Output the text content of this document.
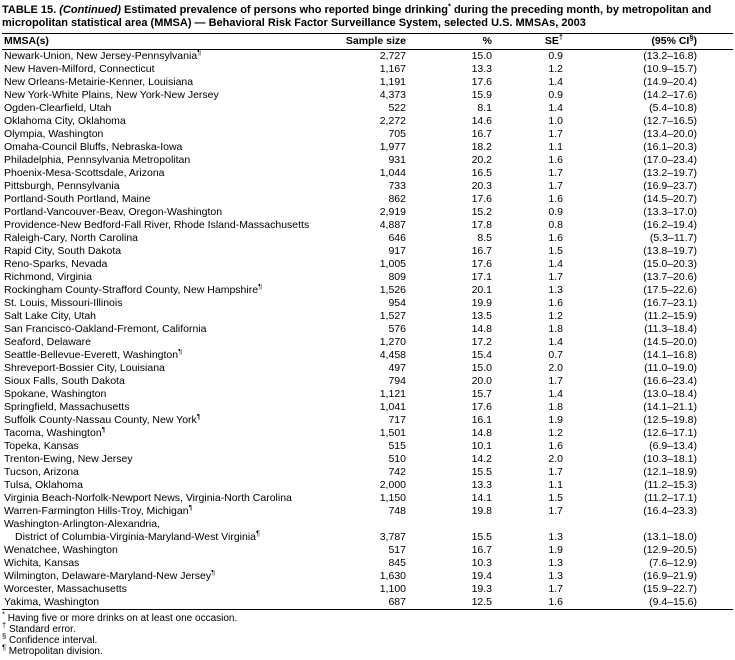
TABLE 15. (Continued) Estimated prevalence of persons who reported binge drinking* during the preceding month, by metropolitan and micropolitan statistical area (MMSA) — Behavioral Risk Factor Surveillance System, selected U.S. MMSAs, 2003
MMSA(s)	Sample size	%	SE†	(95% CI§)
Newark-Union, New Jersey-Pennsylvania¶	2,727	15.0	0.9	(13.2–16.8)
New Haven-Milford, Connecticut	1,167	13.3	1.2	(10.9–15.7)
New Orleans-Metairie-Kenner, Louisiana	1,191	17.6	1.4	(14.9–20.4)
New York-White Plains, New York-New Jersey	4,373	15.9	0.9	(14.2–17.6)
Ogden-Clearfield, Utah	522	8.1	1.4	(5.4–10.8)
Oklahoma City, Oklahoma	2,272	14.6	1.0	(12.7–16.5)
Olympia, Washington	705	16.7	1.7	(13.4–20.0)
Omaha-Council Bluffs, Nebraska-Iowa	1,977	18.2	1.1	(16.1–20.3)
Philadelphia, Pennsylvania Metropolitan	931	20.2	1.6	(17.0–23.4)
Phoenix-Mesa-Scottsdale, Arizona	1,044	16.5	1.7	(13.2–19.7)
Pittsburgh, Pennsylvania	733	20.3	1.7	(16.9–23.7)
Portland-South Portland, Maine	862	17.6	1.6	(14.5–20.7)
Portland-Vancouver-Beav, Oregon-Washington	2,919	15.2	0.9	(13.3–17.0)
Providence-New Bedford-Fall River, Rhode Island-Massachusetts	4,887	17.8	0.8	(16.2–19.4)
Raleigh-Cary, North Carolina	646	8.5	1.6	(5.3–11.7)
Rapid City, South Dakota	917	16.7	1.5	(13.8–19.7)
Reno-Sparks, Nevada	1,005	17.6	1.4	(15.0–20.3)
Richmond, Virginia	809	17.1	1.7	(13.7–20.6)
Rockingham County-Strafford County, New Hampshire¶	1,526	20.1	1.3	(17.5–22.6)
St. Louis, Missouri-Illinois	954	19.9	1.6	(16.7–23.1)
Salt Lake City, Utah	1,527	13.5	1.2	(11.2–15.9)
San Francisco-Oakland-Fremont, California	576	14.8	1.8	(11.3–18.4)
Seaford, Delaware	1,270	17.2	1.4	(14.5–20.0)
Seattle-Bellevue-Everett, Washington¶	4,458	15.4	0.7	(14.1–16.8)
Shreveport-Bossier City, Louisiana	497	15.0	2.0	(11.0–19.0)
Sioux Falls, South Dakota	794	20.0	1.7	(16.6–23.4)
Spokane, Washington	1,121	15.7	1.4	(13.0–18.4)
Springfield, Massachusetts	1,041	17.6	1.8	(14.1–21.1)
Suffolk County-Nassau County, New York¶	717	16.1	1.9	(12.5–19.8)
Tacoma, Washington¶	1,501	14.8	1.2	(12.6–17.1)
Topeka, Kansas	515	10.1	1.6	(6.9–13.4)
Trenton-Ewing, New Jersey	510	14.2	2.0	(10.3–18.1)
Tucson, Arizona	742	15.5	1.7	(12.1–18.9)
Tulsa, Oklahoma	2,000	13.3	1.1	(11.2–15.3)
Virginia Beach-Norfolk-Newport News, Virginia-North Carolina	1,150	14.1	1.5	(11.2–17.1)
Warren-Farmington Hills-Troy, Michigan¶	748	19.8	1.7	(16.4–23.3)

Washington-Arlington-Alexandria,
District of Columbia-Virginia-Maryland-West Virginia¶	3,787	15.5	1.3	(13.1–18.0)
Wenatchee, Washington	517	16.7	1.9	(12.9–20.5)
Wichita, Kansas	845	10.3	1.3	(7.6–12.9)
Wilmington, Delaware-Maryland-New Jersey¶	1,630	19.4	1.3	(16.9–21.9)
Worcester, Massachusetts	1,100	19.3	1.7	(15.9–22.7)
Yakima, Washington	687	12.5	1.6	(9.4–15.6)
* Having five or more drinks on at least one occasion.
† Standard error.
§ Confidence interval.
¶ Metropolitan division.
